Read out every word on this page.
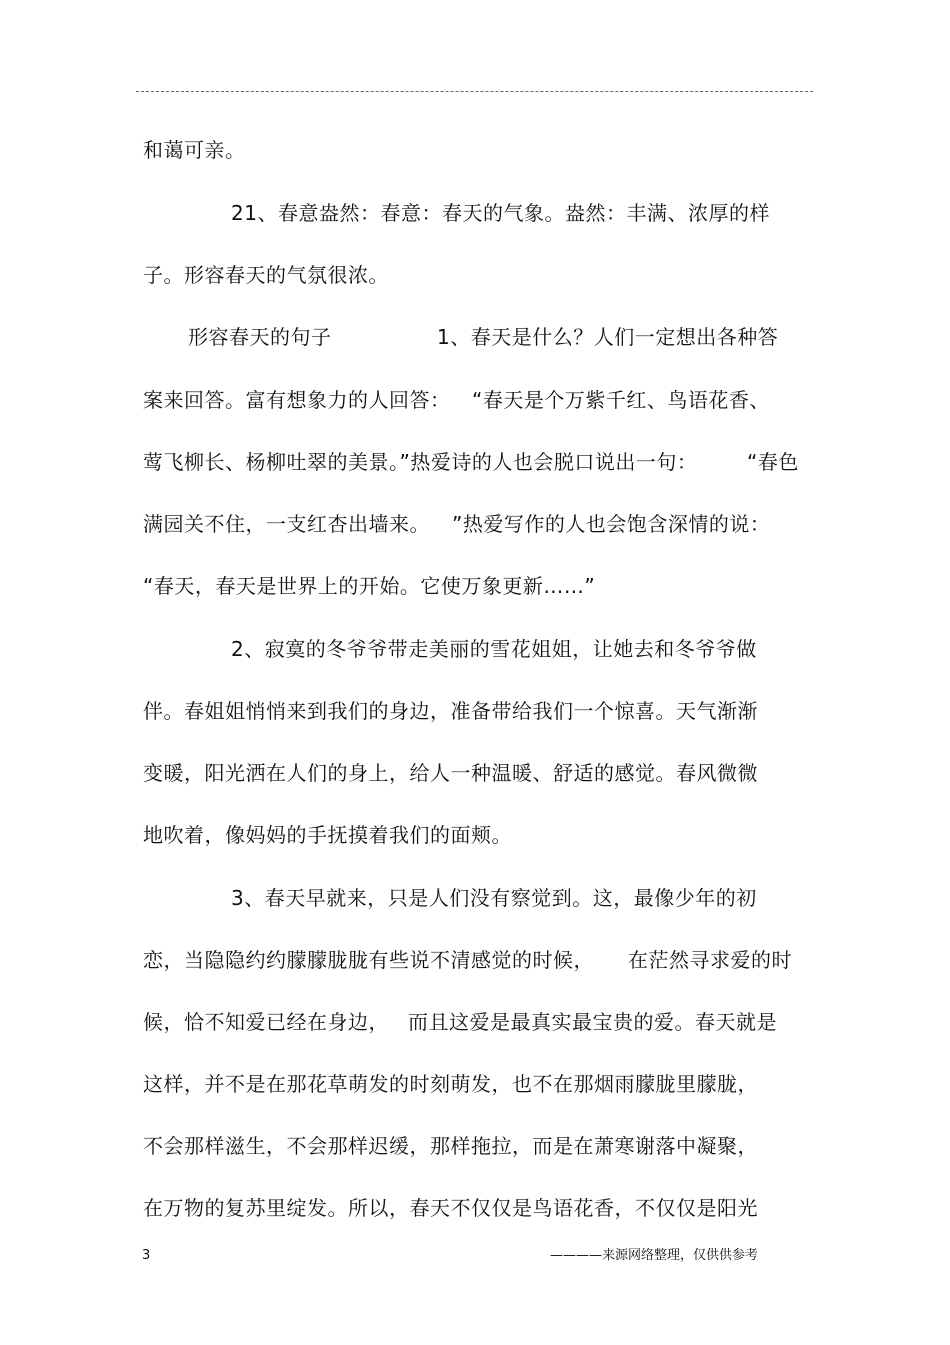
和蔼可亲。
21、春意盎然：春意：春天的气象。盎然：丰满、浓厚的样
子。形容春天的气氛很浓。
形容春天的句子	1、春天是什么？人们一定想出各种答
案来回答。富有想象力的人回答： “春天是个万紫千红、鸟语花香、
莺飞柳长、杨柳吐翠的美景。”热爱诗的人也会脱口说出一句： “春色
满园关不住，一支红杏出墙来。 ”热爱写作的人也会饱含深情的说：
“春天，春天是世界上的开始。它使万象更新……”
2、寂寞的冬爷爷带走美丽的雪花姐姐，让她去和冬爷爷做
伴。春姐姐悄悄来到我们的身边，准备带给我们一个惊喜。天气渐渐
变暖，阳光洒在人们的身上，给人一种温暖、舒适的感觉。春风微微
地吹着，像妈妈的手抚摸着我们的面颊。
3、春天早就来，只是人们没有察觉到。这，最像少年的初
恋，当隐隐约约朦朦胧胧有些说不清感觉的时候， 在茫然寻求爱的时
候，恰不知爱已经在身边， 而且这爱是最真实最宝贵的爱。春天就是
这样，并不是在那花草萌发的时刻萌发，也不在那烟雨朦胧里朦胧，
不会那样滋生，不会那样迟缓，那样拖拉，而是在萧寒谢落中凝聚，
在万物的复苏里绽发。所以，春天不仅仅是鸟语花香，不仅仅是阳光
3	————来源网络整理，仅供供参考
